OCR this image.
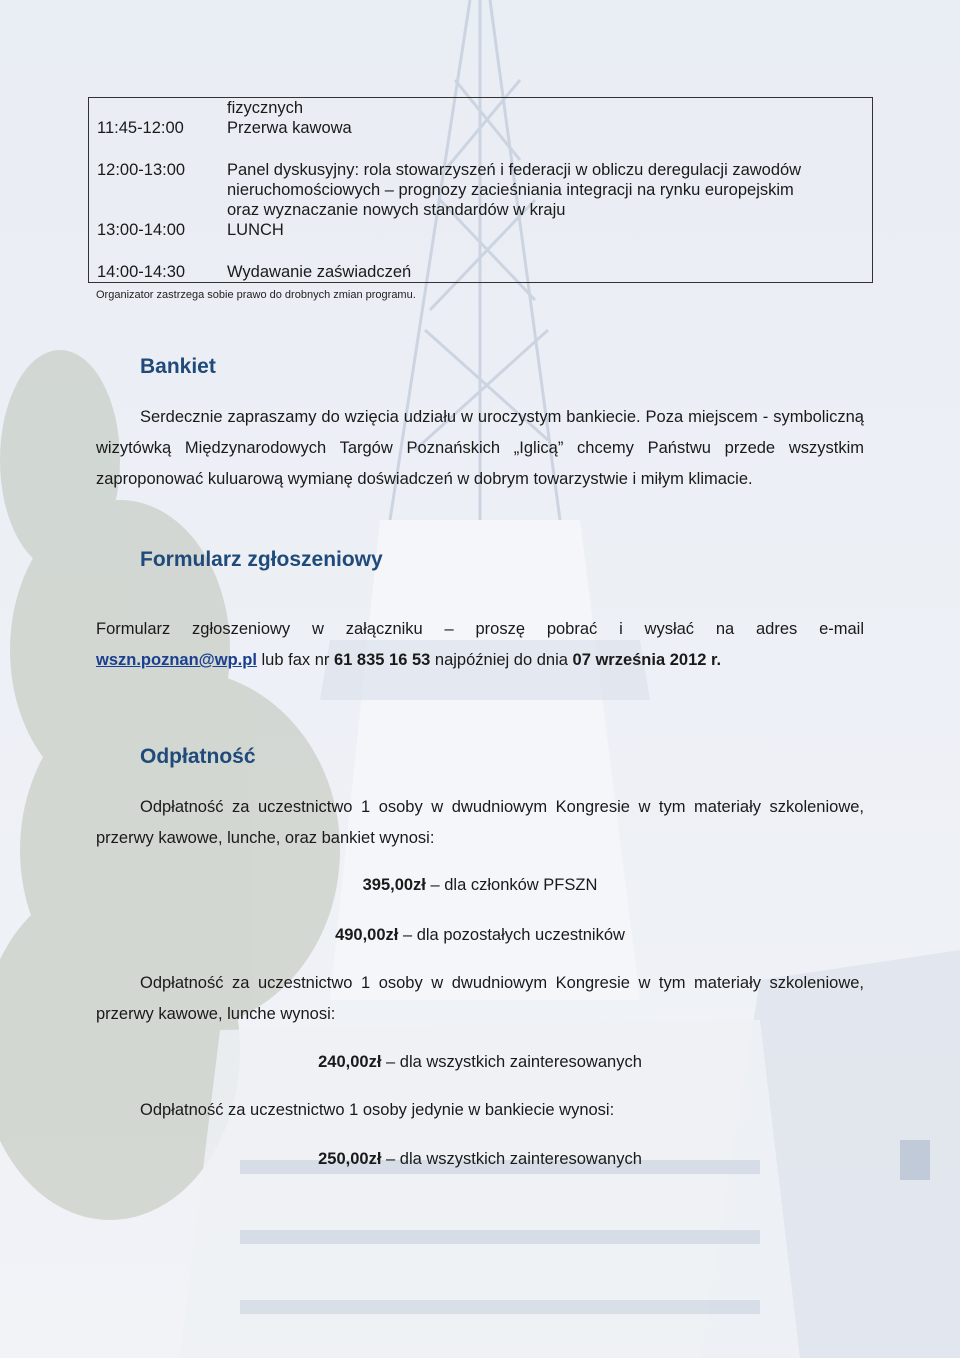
	fizycznych
11:45-12:00	Przerwa kawowa
12:00-13:00	Panel dyskusyjny: rola stowarzyszeń i federacji w obliczu deregulacji zawodów
nieruchomościowych – prognozy zacieśniania integracji na rynku europejskim
oraz wyznaczanie nowych standardów w kraju

13:00-14:00	LUNCH
14:00-14:30	Wydawanie zaświadczeń
Organizator zastrzega sobie prawo do drobnych zmian programu.
Bankiet

Serdecznie zapraszamy do wzięcia udziału w uroczystym bankiecie. Poza miejscem - symboliczną wizytówką Międzynarodowych Targów Poznańskich „Iglicą” chcemy Państwu przede wszystkim zaproponować kuluarową wymianę doświadczeń w dobrym towarzystwie i miłym klimacie.

Formularz zgłoszeniowy

Formularz zgłoszeniowy w załączniku – proszę pobrać i wysłać na adres e-mail

wszn.poznan@wp.pl lub fax nr 61 835 16 53 najpóźniej do dnia 07 września 2012 r.

Odpłatność

Odpłatność za uczestnictwo 1 osoby w dwudniowym Kongresie w tym materiały szkoleniowe, przerwy kawowe, lunche, oraz bankiet wynosi:

395,00zł – dla członków PFSZN

490,00zł – dla pozostałych uczestników

Odpłatność za uczestnictwo 1 osoby w dwudniowym Kongresie w tym materiały szkoleniowe, przerwy kawowe, lunche wynosi:

240,00zł – dla wszystkich zainteresowanych

Odpłatność za uczestnictwo 1 osoby jedynie w bankiecie wynosi:

250,00zł – dla wszystkich zainteresowanych
